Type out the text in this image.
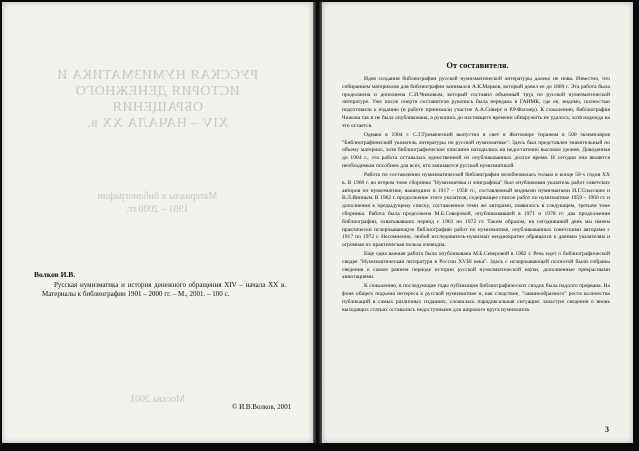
РУССКАЯ НУМИЗМАТИКА И
ИСТОРИЯ ДЕНЕЖНОГО
ОБРАЩЕНИЯ
XIV – НАЧАЛА XX в.
Материалы к библиографии
1901 – 2000 гг.
Москва 2001
Волков И.В.
Русская нумизматика и история денежного обращения XIV – начала XX в. Материалы к библиографии 1901 – 2000 гг. – М., 2001. – 100 с.
© И.В.Волков, 2001
От составителя.

Идея создания библиографии русской нумизматической литературы далеко не нова. Известно, что собиранием материалов для библиографии занимался А.К.Марков, который довел ее до 1889 г. Эта работа была продолжена и дополнена С.И.Чижовым, который составил объемный труд по русской нумизматической литературе. Уже после смерти составителя рукопись была передана в ГАИМК, где ее, видимо, полностью подготовили к изданию (в работе принимали участие А.А.Сиверс и Р.Р.Фасмер). К сожалению, библиография Чижова так и не была опубликована, а рукопись до настоящего времени обнаружить не удалось, хотя надежда на это остается.

Однако в 1904 г. С.Г.Громаческий выпустил в свет в Житомире тиражом в 500 экземпляров "Библиографический указатель литературы по русской нумизматике". Здесь был представлен значительный по объему материал, хотя библиографические описания находились на недостаточно высоком уровне. Доведенная до 1904 г., эта работа оставалась единственной из опубликованных долгое время. И сегодня она является необходимым пособием для всех, кто занимается русской нумизматикой.

Работа по составлению нумизматической библиографии возобновилась только в конце 50-х годов XX в. В 1960 г. во втором томе сборника "Нумизматика и эпиграфика" был опубликован указатель работ советских авторов по нумизматике, вышедших в 1917 – 1958 гг., составленный видными нумизматами И.Г.Спасским и В.Л.Яниным. В 1962 г. продолжение этого указателя, содержащее список работ по нумизматике 1959 – 1960 гг. и дополнения к предыдущему списку, составленное теми же авторами, появилось в следующем, третьем томе сборника. Работа была продолжена М.Б.Северовой, опубликовавшей в 1971 и 1978 гг. два продолжения библиографии, охватывавших период с 1961 по 1972 гг. Таким образом, на сегодняшний день мы имеем практически исчерпывающую библиографию работ по нумизматике, опубликованных советскими авторами с 1917 по 1972 г. Несомненно, любой исследователь-нумизмат неоднократно обращался к данным указателям и огромная их практическая польза очевидна.

Еще одна важная работа была опубликована М.Б.Северовой в 1982 г. Речь идет о библиографической сводке "Нумизматическая литература в России XVIII века". Здесь с исчерпывающей полнотой были собраны сведения о самом раннем периоде истории русской нумизматической науки, дополненные прекрасными аннотациями.

К сожалению, в последующие годы публикация библиографических сводок была надолго прервана. На фоне общего подъема интереса к русской нумизматике и, как следствие, "лавинообразного" роста количества публикаций в самых различных изданиях, сложилась парадоксальная ситуация: зачастую сведения о вновь выходящих статьях оставались недоступными для широкого круга нумизматов.

3
